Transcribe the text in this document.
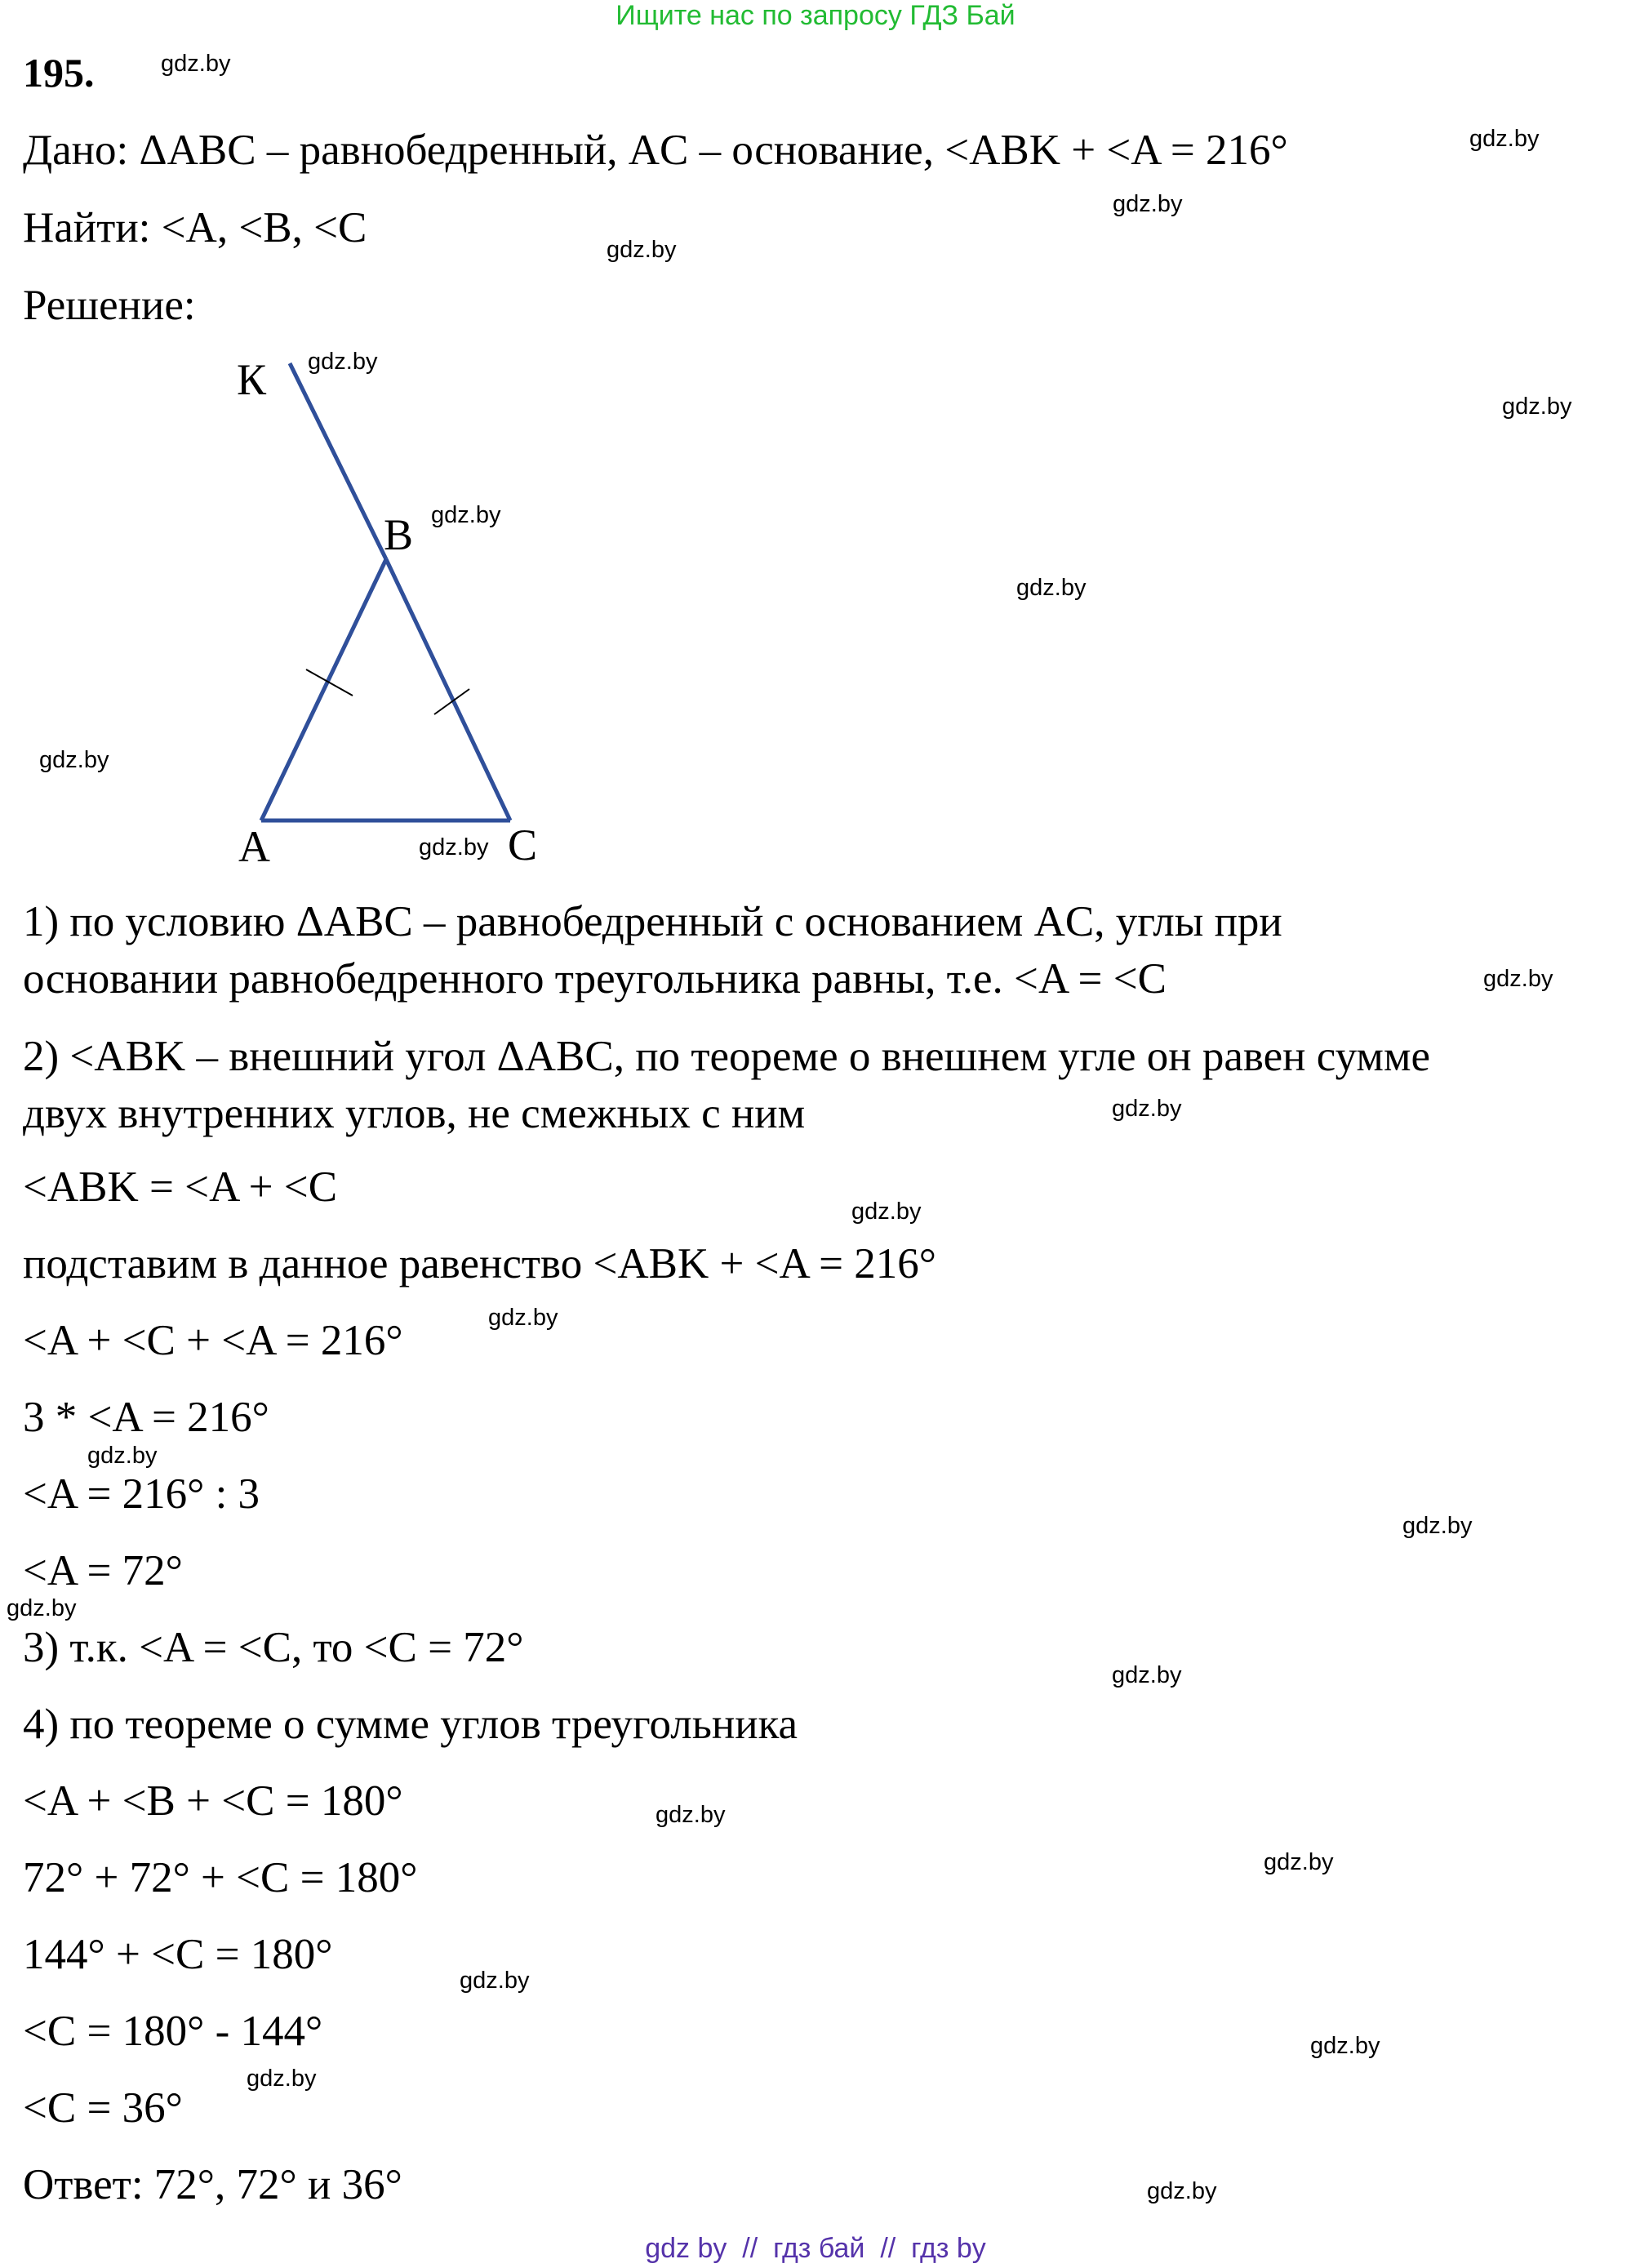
Ищите нас по запросу ГДЗ Бай
195.
Дано: ΔABC – равнобедренный, AC – основание, <ABK + <A = 216°
Найти: <A, <B, <C
Решение:
К
B
A	C
1) по условию ΔABC – равнобедренный с основанием AC, углы при
основании равнобедренного треугольника равны, т.е. <A = <C
2) <ABK – внешний угол ΔABC, по теореме о внешнем угле он равен сумме
двух внутренних углов, не смежных с ним
<ABK = <A + <C
подставим в данное равенство <ABK + <A = 216°
<A + <C + <A = 216°
3 * <A = 216°
<A = 216° : 3
<A = 72°
3) т.к. <A = <C, то <C = 72°
4) по теореме о сумме углов треугольника
<A + <B + <C = 180°
72° + 72° + <C = 180°
144° + <C = 180°
<C = 180° - 144°
<C = 36°
Ответ: 72°, 72° и 36°
gdz.by
gdz.by
gdz.by
gdz.by
gdz.by
gdz.by
gdz.by
gdz.by
gdz.by
gdz.by
gdz.by
gdz.by
gdz.by
gdz.by
gdz.by
gdz.by
gdz.by
gdz.by
gdz.by
gdz.by
gdz.by
gdz.by
gdz.by
gdz.by
gdz by  //  гдз бай  //  гдз by
